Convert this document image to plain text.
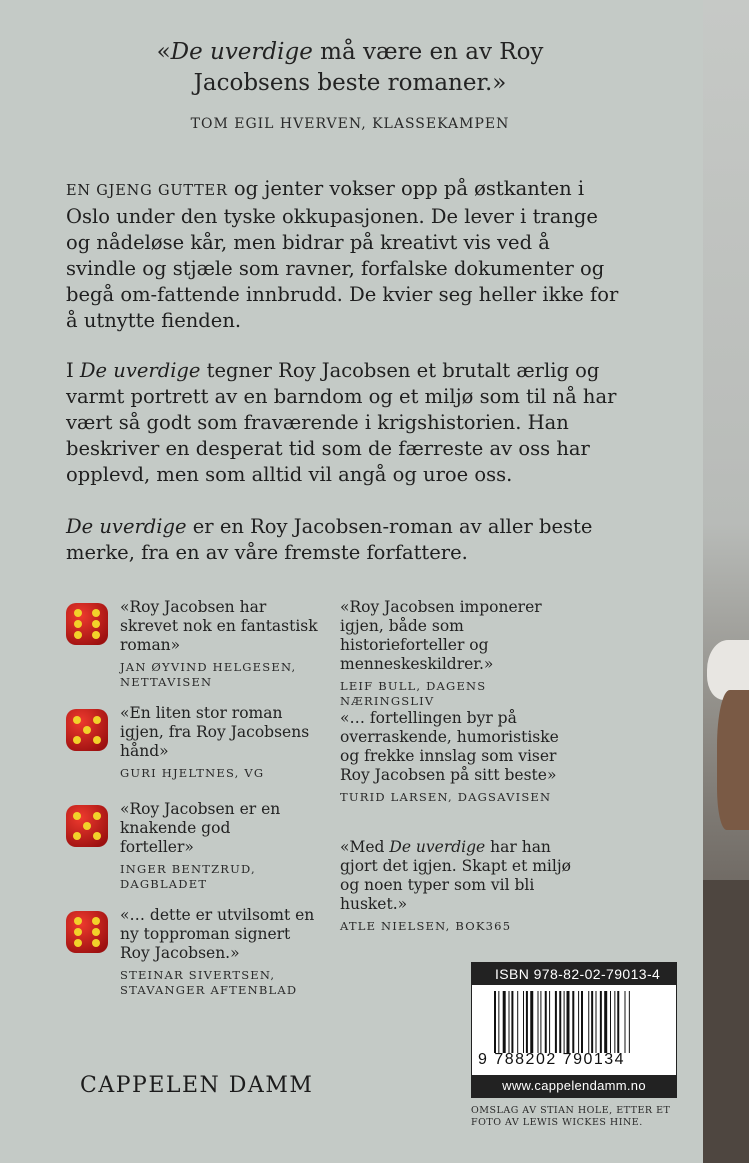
«De uverdige må være en av Roy Jacobsens beste romaner.»
TOM EGIL HVERVEN, KLASSEKAMPEN
EN GJENG GUTTER og jenter vokser opp på østkanten i Oslo under den tyske okkupasjonen. De lever i trange og nådeløse kår, men bidrar på kreativt vis ved å svindle og stjæle som ravner, forfalske dokumenter og begå om-fattende innbrudd. De kvier seg heller ikke for å utnytte fienden.
I De uverdige tegner Roy Jacobsen et brutalt ærlig og varmt portrett av en barndom og et miljø som til nå har vært så godt som fraværende i krigshistorien. Han beskriver en desperat tid som de færreste av oss har opplevd, men som alltid vil angå og uroe oss.
De uverdige er en Roy Jacobsen-roman av aller beste merke, fra en av våre fremste forfattere.
«Roy Jacobsen har skrevet nok en fantastisk roman»
JAN ØYVIND HELGESEN, NETTAVISEN
«En liten stor roman igjen, fra Roy Jacobsens hånd»
GURI HJELTNES, VG
«Roy Jacobsen er en knakende god forteller»
INGER BENTZRUD, DAGBLADET
«… dette er utvilsomt en ny topproman signert Roy Jacobsen.»
STEINAR SIVERTSEN, STAVANGER AFTENBLAD
«Roy Jacobsen imponerer igjen, både som historieforteller og menneskeskildrer.»
LEIF BULL, DAGENS NÆRINGSLIV
«… fortellingen byr på overraskende, humoristiske og frekke innslag som viser Roy Jacobsen på sitt beste»
TURID LARSEN, DAGSAVISEN
«Med De uverdige har han gjort det igjen. Skapt et miljø og noen typer som vil bli husket.»
ATLE NIELSEN, BOK365
CAPPELEN DAMM
ISBN 978-82-02-79013-4
9 788202 790134
www.cappelendamm.no
OMSLAG AV STIAN HOLE, ETTER ET FOTO AV LEWIS WICKES HINE.
